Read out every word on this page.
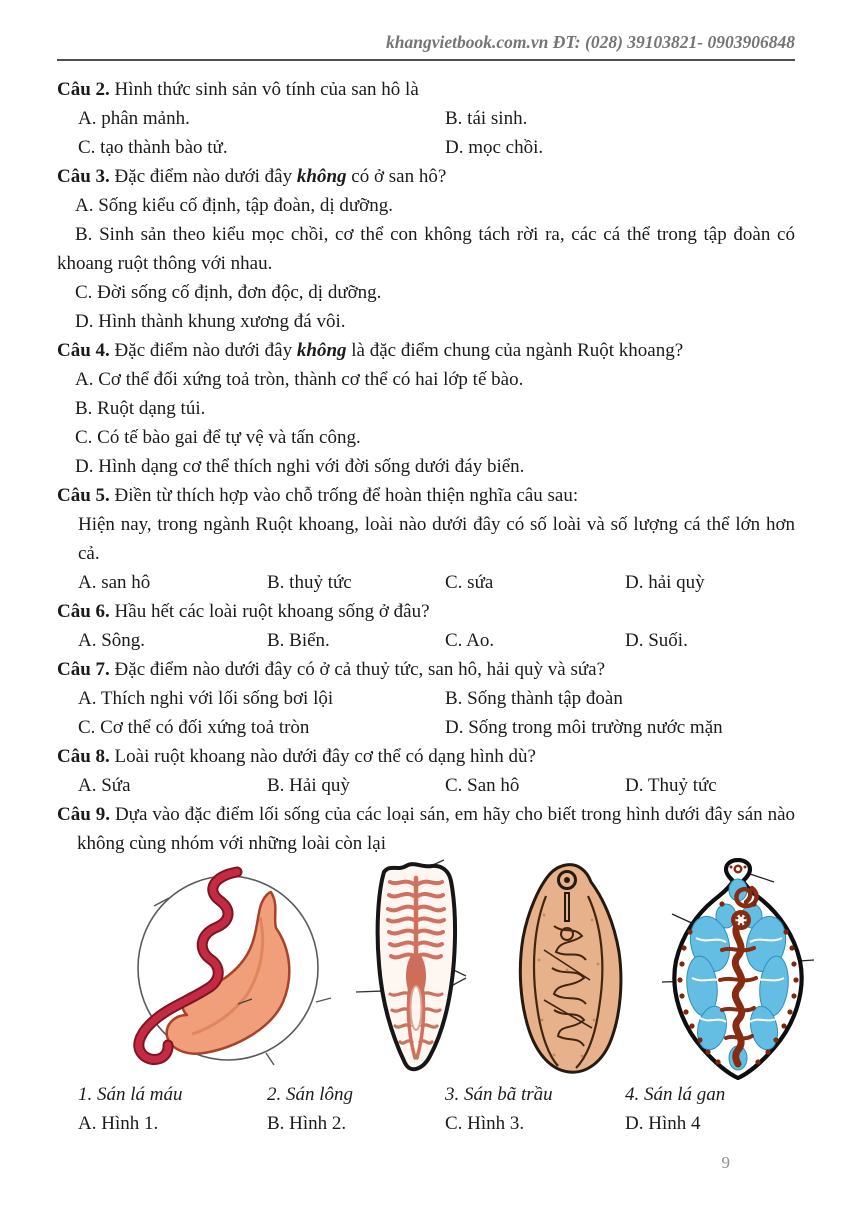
khangvietbook.com.vn ĐT: (028) 39103821- 0903906848

Câu 2. Hình thức sinh sản vô tính của san hô là

A. phân mảnh.	B. tái sinh.
C. tạo thành bào tử.	D. mọc chồi.

Câu 3. Đặc điểm nào dưới đây không có ở san hô?

A. Sống kiểu cố định, tập đoàn, dị dưỡng.

B. Sinh sản theo kiểu mọc chồi, cơ thể con không tách rời ra, các cá thể trong tập đoàn có khoang ruột thông với nhau.

C. Đời sống cố định, đơn độc, dị dưỡng.

D. Hình thành khung xương đá vôi.

Câu 4. Đặc điểm nào dưới đây không là đặc điểm chung của ngành Ruột khoang?

A. Cơ thể đối xứng toả tròn, thành cơ thể có hai lớp tế bào.

B. Ruột dạng túi.

C. Có tế bào gai để tự vệ và tấn công.

D. Hình dạng cơ thể thích nghi với đời sống dưới đáy biển.

Câu 5. Điền từ thích hợp vào chỗ trống để hoàn thiện nghĩa câu sau:

Hiện nay, trong ngành Ruột khoang, loài nào dưới đây có số loài và số lượng cá thể lớn hơn cả.

A. san hô	B. thuỷ tức	C. sứa	D. hải quỳ

Câu 6. Hầu hết các loài ruột khoang sống ở đâu?

A. Sông.	B. Biển.	C. Ao.	D. Suối.

Câu 7. Đặc điểm nào dưới đây có ở cả thuỷ tức, san hô, hải quỳ và sứa?

A. Thích nghi với lối sống bơi lội	B. Sống thành tập đoàn
C. Cơ thể có đối xứng toả tròn	D. Sống trong môi trường nước mặn

Câu 8. Loài ruột khoang nào dưới đây cơ thể có dạng hình dù?

A. Sứa	B. Hải quỳ	C. San hô	D. Thuỷ tức

Câu 9. Dựa vào đặc điểm lối sống của các loại sán, em hãy cho biết trong hình dưới đây sán nào không cùng nhóm với những loài còn lại

1. Sán lá máu	2. Sán lông	3. Sán bã trầu	4. Sán lá gan
A. Hình 1.	B. Hình 2.	C. Hình 3.	D. Hình 4
9
